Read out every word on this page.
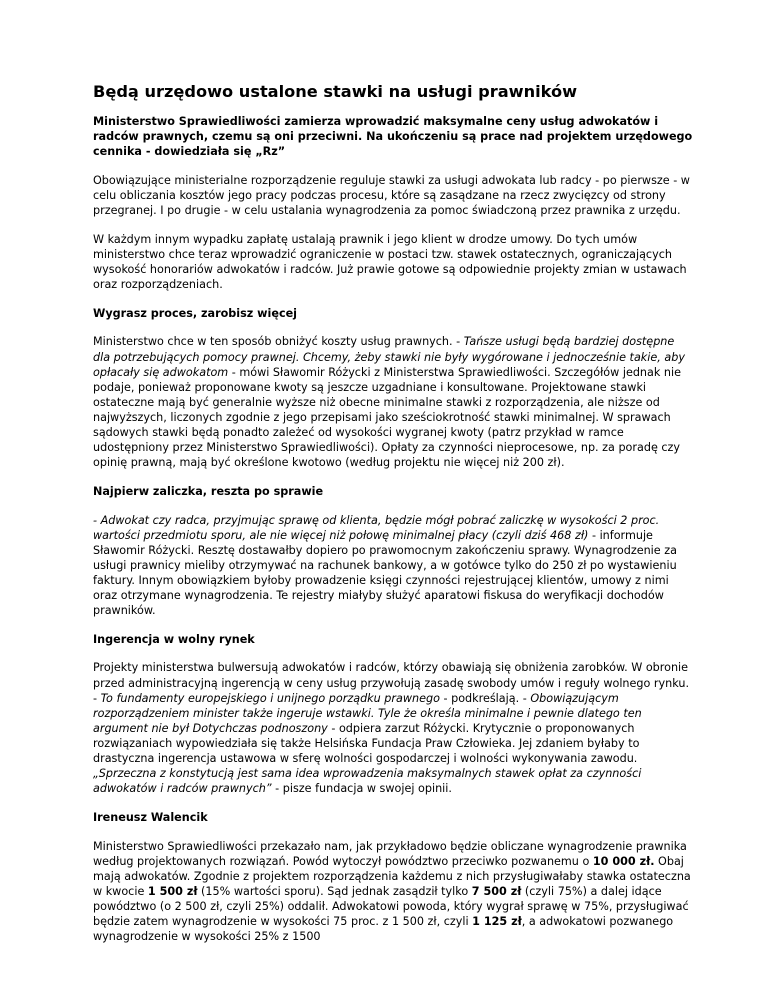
Będą urzędowo ustalone stawki na usługi prawników

Ministerstwo Sprawiedliwości zamierza wprowadzić maksymalne ceny usług adwokatów i radców prawnych, czemu są oni przeciwni. Na ukończeniu są prace nad projektem urzędowego cennika - dowiedziała się „Rz”

Obowiązujące ministerialne rozporządzenie reguluje stawki za usługi adwokata lub radcy - po pierwsze - w celu obliczania kosztów jego pracy podczas procesu, które są zasądzane na rzecz zwycięzcy od strony przegranej. I po drugie - w celu ustalania wynagrodzenia za pomoc świadczoną przez prawnika z urzędu.

W każdym innym wypadku zapłatę ustalają prawnik i jego klient w drodze umowy. Do tych umów ministerstwo chce teraz wprowadzić ograniczenie w postaci tzw. stawek ostatecznych, ograniczających wysokość honorariów adwokatów i radców. Już prawie gotowe są odpowiednie projekty zmian w ustawach oraz rozporządzeniach.

Wygrasz proces, zarobisz więcej

Ministerstwo chce w ten sposób obniżyć koszty usług prawnych. - Tańsze usługi będą bardziej dostępne dla potrzebujących pomocy prawnej. Chcemy, żeby stawki nie były wygórowane i jednocześnie takie, aby opłacały się adwokatom - mówi Sławomir Różycki z Ministerstwa Sprawiedliwości. Szczegółów jednak nie podaje, ponieważ proponowane kwoty są jeszcze uzgadniane i konsultowane. Projektowane stawki ostateczne mają być generalnie wyższe niż obecne minimalne stawki z rozporządzenia, ale niższe od najwyższych, liczonych zgodnie z jego przepisami jako sześciokrotność stawki minimalnej. W sprawach sądowych stawki będą ponadto zależeć od wysokości wygranej kwoty (patrz przykład w ramce udostępniony przez Ministerstwo Sprawiedliwości). Opłaty za czynności nieprocesowe, np. za poradę czy opinię prawną, mają być określone kwotowo (według projektu nie więcej niż 200 zł).

Najpierw zaliczka, reszta po sprawie

- Adwokat czy radca, przyjmując sprawę od klienta, będzie mógł pobrać zaliczkę w wysokości 2 proc. wartości przedmiotu sporu, ale nie więcej niż połowę minimalnej płacy (czyli dziś 468 zł) - informuje Sławomir Różycki. Resztę dostawałby dopiero po prawomocnym zakończeniu sprawy. Wynagrodzenie za usługi prawnicy mieliby otrzymywać na rachunek bankowy, a w gotówce tylko do 250 zł po wystawieniu faktury. Innym obowiązkiem byłoby prowadzenie księgi czynności rejestrującej klientów, umowy z nimi oraz otrzymane wynagrodzenia. Te rejestry miałyby służyć aparatowi fiskusa do weryfikacji dochodów prawników.

Ingerencja w wolny rynek

Projekty ministerstwa bulwersują adwokatów i radców, którzy obawiają się obniżenia zarobków. W obronie przed administracyjną ingerencją w ceny usług przywołują zasadę swobody umów i reguły wolnego rynku. - To fundamenty europejskiego i unijnego porządku prawnego - podkreślają. - Obowiązującym rozporządzeniem minister także ingeruje wstawki. Tyle że określa minimalne i pewnie dlatego ten argument nie był Dotychczas podnoszony - odpiera zarzut Różycki. Krytycznie o proponowanych rozwiązaniach wypowiedziała się także Helsińska Fundacja Praw Człowieka. Jej zdaniem byłaby to drastyczna ingerencja ustawowa w sferę wolności gospodarczej i wolności wykonywania zawodu. „Sprzeczna z konstytucją jest sama idea wprowadzenia maksymalnych stawek opłat za czynności adwokatów i radców prawnych” - pisze fundacja w swojej opinii.

Ireneusz Walencik

Ministerstwo Sprawiedliwości przekazało nam, jak przykładowo będzie obliczane wynagrodzenie prawnika według projektowanych rozwiązań. Powód wytoczył powództwo przeciwko pozwanemu o 10 000 zł. Obaj mają adwokatów. Zgodnie z projektem rozporządzenia każdemu z nich przysługiwałaby stawka ostateczna w kwocie 1 500 zł (15% wartości sporu). Sąd jednak zasądził tylko 7 500 zł (czyli 75%) a dalej idące powództwo (o 2 500 zł, czyli 25%) oddalił. Adwokatowi powoda, który wygrał sprawę w 75%, przysługiwać będzie zatem wynagrodzenie w wysokości 75 proc. z 1 500 zł, czyli 1 125 zł, a adwokatowi pozwanego wynagrodzenie w wysokości 25% z 1500
